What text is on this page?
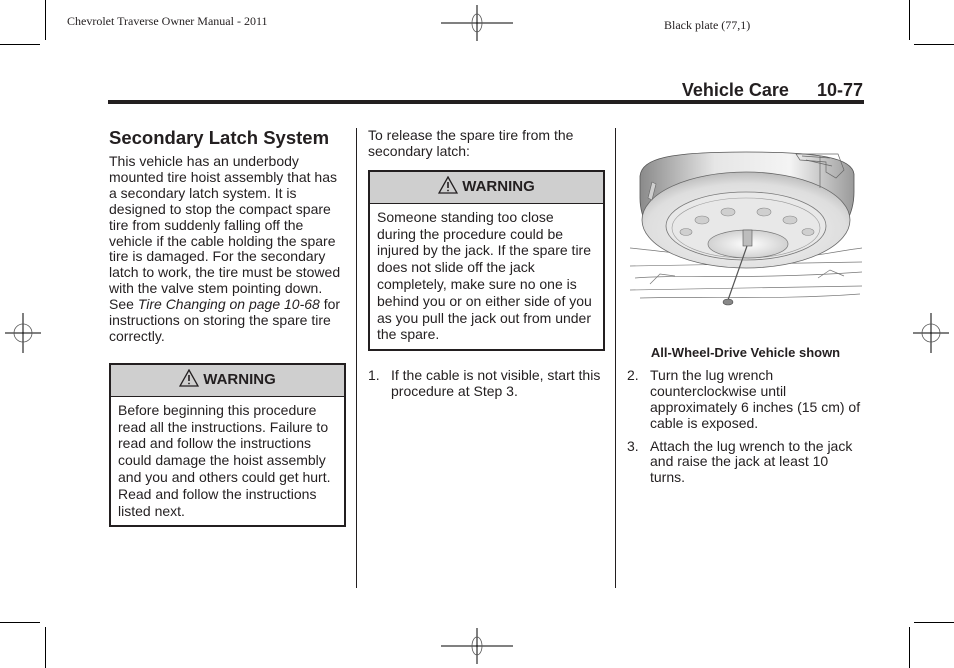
Chevrolet Traverse Owner Manual - 2011	Black plate (77,1)
Vehicle Care 10-77
Secondary Latch System

This vehicle has an underbody mounted tire hoist assembly that has a secondary latch system. It is designed to stop the compact spare tire from suddenly falling off the vehicle if the cable holding the spare tire is damaged. For the secondary latch to work, the tire must be stowed with the valve stem pointing down. See Tire Changing on page 10-68 for instructions on storing the spare tire correctly.

WARNING
Before beginning this procedure read all the instructions. Failure to read and follow the instructions could damage the hoist assembly and you and others could get hurt. Read and follow the instructions listed next.

To release the spare tire from the secondary latch:

WARNING
Someone standing too close during the procedure could be injured by the jack. If the spare tire does not slide off the jack completely, make sure no one is behind you or on either side of you as you pull the jack out from under the spare.
1. If the cable is not visible, start this procedure at Step 3.
All-Wheel-Drive Vehicle shown
2. Turn the lug wrench counterclockwise until approximately 6 inches (15 cm) of cable is exposed.
3. Attach the lug wrench to the jack and raise the jack at least 10 turns.
